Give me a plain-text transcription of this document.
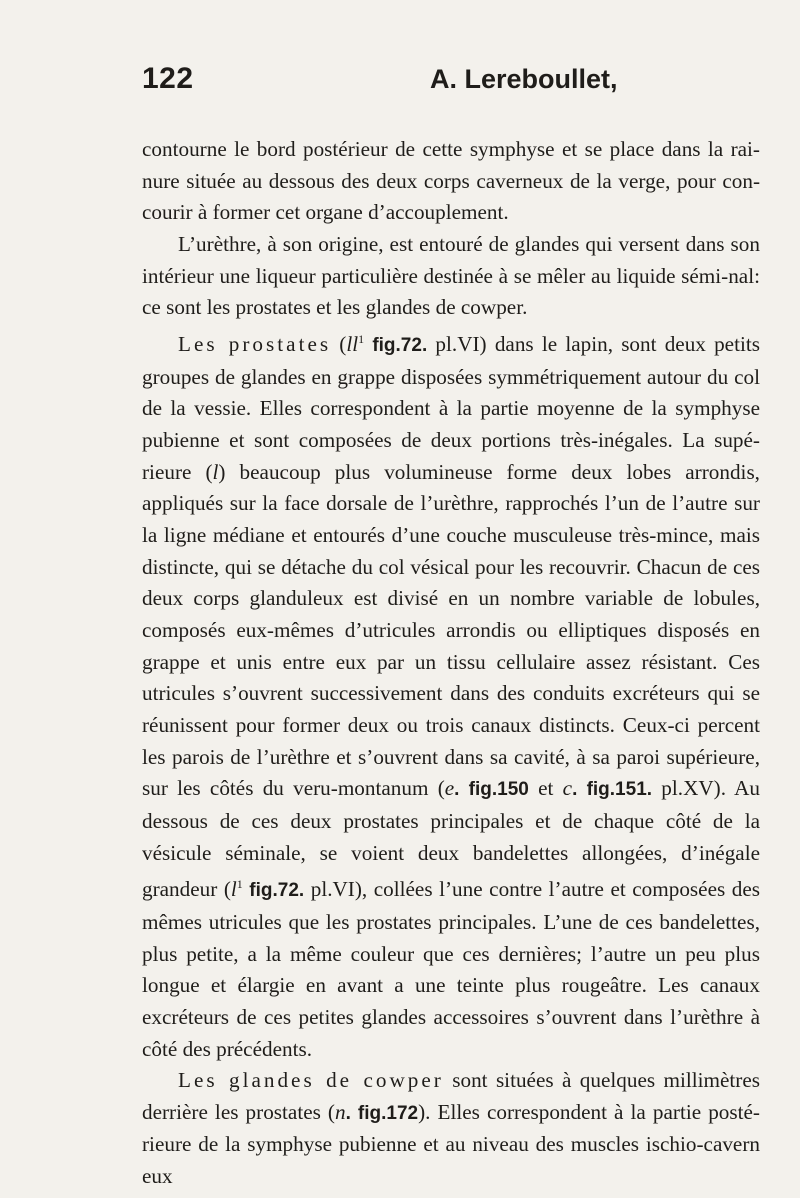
122	A. Lereboullet,

contourne le bord postérieur de cette symphyse et se place dans la rai-nure située au dessous des deux corps caverneux de la verge, pour con-courir à former cet organe d’accouplement.

L’urèthre, à son origine, est entouré de glandes qui versent dans son intérieur une liqueur particulière destinée à se mêler au liquide sémi-nal: ce sont les prostates et les glandes de cowper.

Les prostates ($ll^1$ fig.72. pl.VI) dans le lapin, sont deux petits groupes de glandes en grappe disposées symmétriquement autour du col de la vessie. Elles correspondent à la partie moyenne de la symphyse pubienne et sont composées de deux portions très-inégales. La supé-rieure (l) beaucoup plus volumineuse forme deux lobes arrondis, appliqués sur la face dorsale de l’urèthre, rapprochés l’un de l’autre sur la ligne médiane et entourés d’une couche musculeuse très-mince, mais distincte, qui se détache du col vésical pour les recouvrir. Chacun de ces deux corps glanduleux est divisé en un nombre variable de lobules, composés eux-mêmes d’utricules arrondis ou elliptiques disposés en grappe et unis entre eux par un tissu cellulaire assez résistant. Ces utricules s’ouvrent successivement dans des conduits excréteurs qui se réunissent pour former deux ou trois canaux distincts. Ceux-ci percent les parois de l’urèthre et s’ouvrent dans sa cavité, à sa paroi supérieure, sur les côtés du veru-montanum (e. fig.150 et c. fig.151. pl.XV). Au dessous de ces deux prostates principales et de chaque côté de la vésicule séminale, se voient deux bandelettes allongées, d’inégale grandeur ($l^1$ fig.72. pl.VI), collées l’une contre l’autre et composées des mêmes utricules que les prostates principales. L’une de ces bandelettes, plus petite, a la même couleur que ces dernières; l’autre un peu plus longue et élargie en avant a une teinte plus rougeâtre. Les canaux excréteurs de ces petites glandes accessoires s’ouvrent dans l’urèthre à côté des précédents.

Les glandes de cowper sont situées à quelques millimètres derrière les prostates (n. fig.172). Elles correspondent à la partie posté-rieure de la symphyse pubienne et au niveau des muscles ischio-cavern eux
